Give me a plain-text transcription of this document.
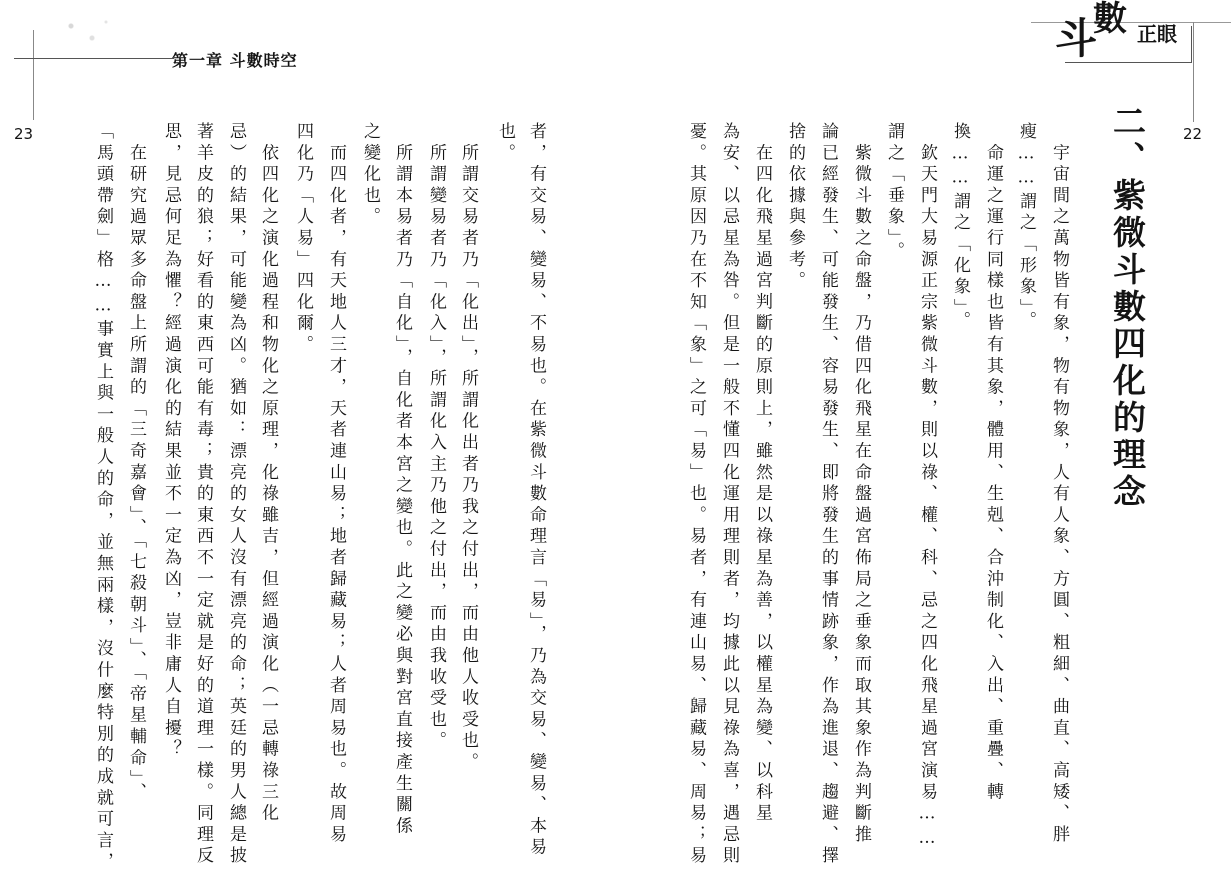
第一章 斗數時空
23	者，有交易、變易、不易也。在紫微斗數命理言「易」，乃為交易、變易、本易
也。
　所謂交易者乃「化出」，所謂化出者乃我之付出，而由他人收受也。
　所謂變易者乃「化入」，所謂化入主乃他之付出，而由我收受也。
　所謂本易者乃「自化」，自化者本宮之變也。此之變必與對宮直接產生關係
之變化也。
　而四化者，有天地人三才，天者連山易；地者歸藏易；人者周易也。故周易
四化乃「人易」四化爾。
　依四化之演化過程和物化之原理，化祿雖吉，但經過演化（一忌轉祿三化
忌）的結果，可能變為凶。猶如：漂亮的女人沒有漂亮的命；英廷的男人總是披
著羊皮的狼；好看的東西可能有毒；貴的東西不一定就是好的道理一樣。同理反
思，見忌何足為懼？經過演化的結果並不一定為凶，豈非庸人自擾？
　在研究過眾多命盤上所謂的「三奇嘉會」、「七殺朝斗」、「帝星輔命」、
「馬頭帶劍」格……事實上與一般人的命，並無兩樣，沒什麼特別的成就可言，
斗
數 正眼
22
二、紫微斗數四化的理念
　宇宙間之萬物皆有象，物有物象，人有人象、方圓、粗細、曲直、高矮、胖
瘦……謂之「形象」。
　命運之運行同樣也皆有其象，體用、生剋、合沖制化、入出、重疊、轉
換……謂之「化象」。
　欽天門大易源正宗紫微斗數，則以祿、權、科、忌之四化飛星過宮演易……
謂之「垂象」。
　紫微斗數之命盤，乃借四化飛星在命盤過宮佈局之垂象而取其象作為判斷推
論已經發生、可能發生、容易發生、即將發生的事情跡象，作為進退、趨避、擇
捨的依據與參考。
　在四化飛星過宮判斷的原則上，雖然是以祿星為善，以權星為變、以科星
為安、以忌星為咎。但是一般不懂四化運用理則者，均據此以見祿為喜，遇忌則
憂。其原因乃在不知「象」之可「易」也。易者，有連山易、歸藏易、周易；易
